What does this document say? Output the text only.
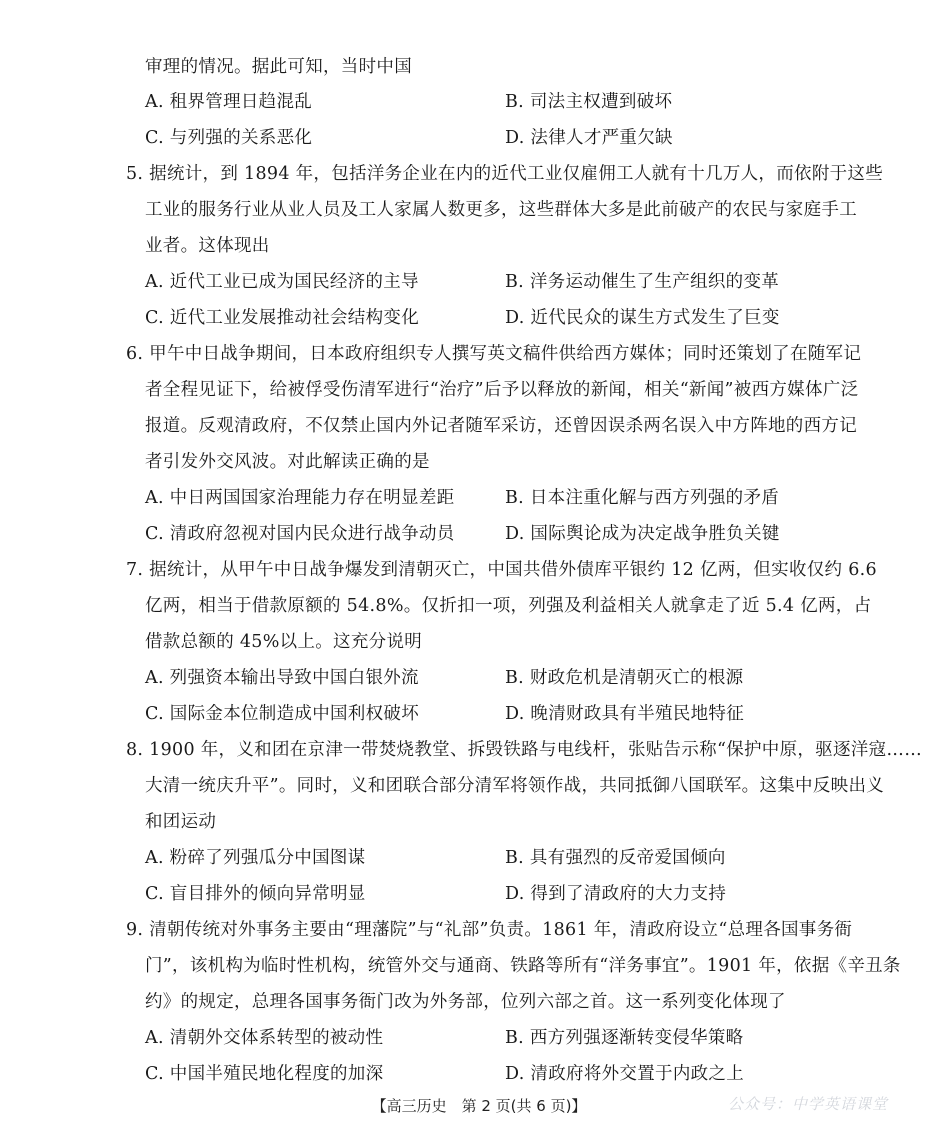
审理的情况。据此可知，当时中国
A. 租界管理日趋混乱	B. 司法主权遭到破坏
C. 与列强的关系恶化	D. 法律人才严重欠缺
5. 据统计，到 1894 年，包括洋务企业在内的近代工业仅雇佣工人就有十几万人，而依附于这些
工业的服务行业从业人员及工人家属人数更多，这些群体大多是此前破产的农民与家庭手工
业者。这体现出
A. 近代工业已成为国民经济的主导	B. 洋务运动催生了生产组织的变革
C. 近代工业发展推动社会结构变化	D. 近代民众的谋生方式发生了巨变
6. 甲午中日战争期间，日本政府组织专人撰写英文稿件供给西方媒体；同时还策划了在随军记
者全程见证下，给被俘受伤清军进行“治疗”后予以释放的新闻，相关“新闻”被西方媒体广泛
报道。反观清政府，不仅禁止国内外记者随军采访，还曾因误杀两名误入中方阵地的西方记
者引发外交风波。对此解读正确的是
A. 中日两国国家治理能力存在明显差距	B. 日本注重化解与西方列强的矛盾
C. 清政府忽视对国内民众进行战争动员	D. 国际舆论成为决定战争胜负关键
7. 据统计，从甲午中日战争爆发到清朝灭亡，中国共借外债库平银约 12 亿两，但实收仅约 6.6
亿两，相当于借款原额的 54.8%。仅折扣一项，列强及利益相关人就拿走了近 5.4 亿两，占
借款总额的 45%以上。这充分说明
A. 列强资本输出导致中国白银外流	B. 财政危机是清朝灭亡的根源
C. 国际金本位制造成中国利权破坏	D. 晚清财政具有半殖民地特征
8. 1900 年，义和团在京津一带焚烧教堂、拆毁铁路与电线杆，张贴告示称“保护中原，驱逐洋寇……
大清一统庆升平”。同时，义和团联合部分清军将领作战，共同抵御八国联军。这集中反映出义
和团运动
A. 粉碎了列强瓜分中国图谋	B. 具有强烈的反帝爱国倾向
C. 盲目排外的倾向异常明显	D. 得到了清政府的大力支持
9. 清朝传统对外事务主要由“理藩院”与“礼部”负责。1861 年，清政府设立“总理各国事务衙
门”，该机构为临时性机构，统管外交与通商、铁路等所有“洋务事宜”。1901 年，依据《辛丑条
约》的规定，总理各国事务衙门改为外务部，位列六部之首。这一系列变化体现了
A. 清朝外交体系转型的被动性	B. 西方列强逐渐转变侵华策略
C. 中国半殖民地化程度的加深	D. 清政府将外交置于内政之上
【高三历史　第 2 页(共 6 页)】	公众号：中学英语课堂
